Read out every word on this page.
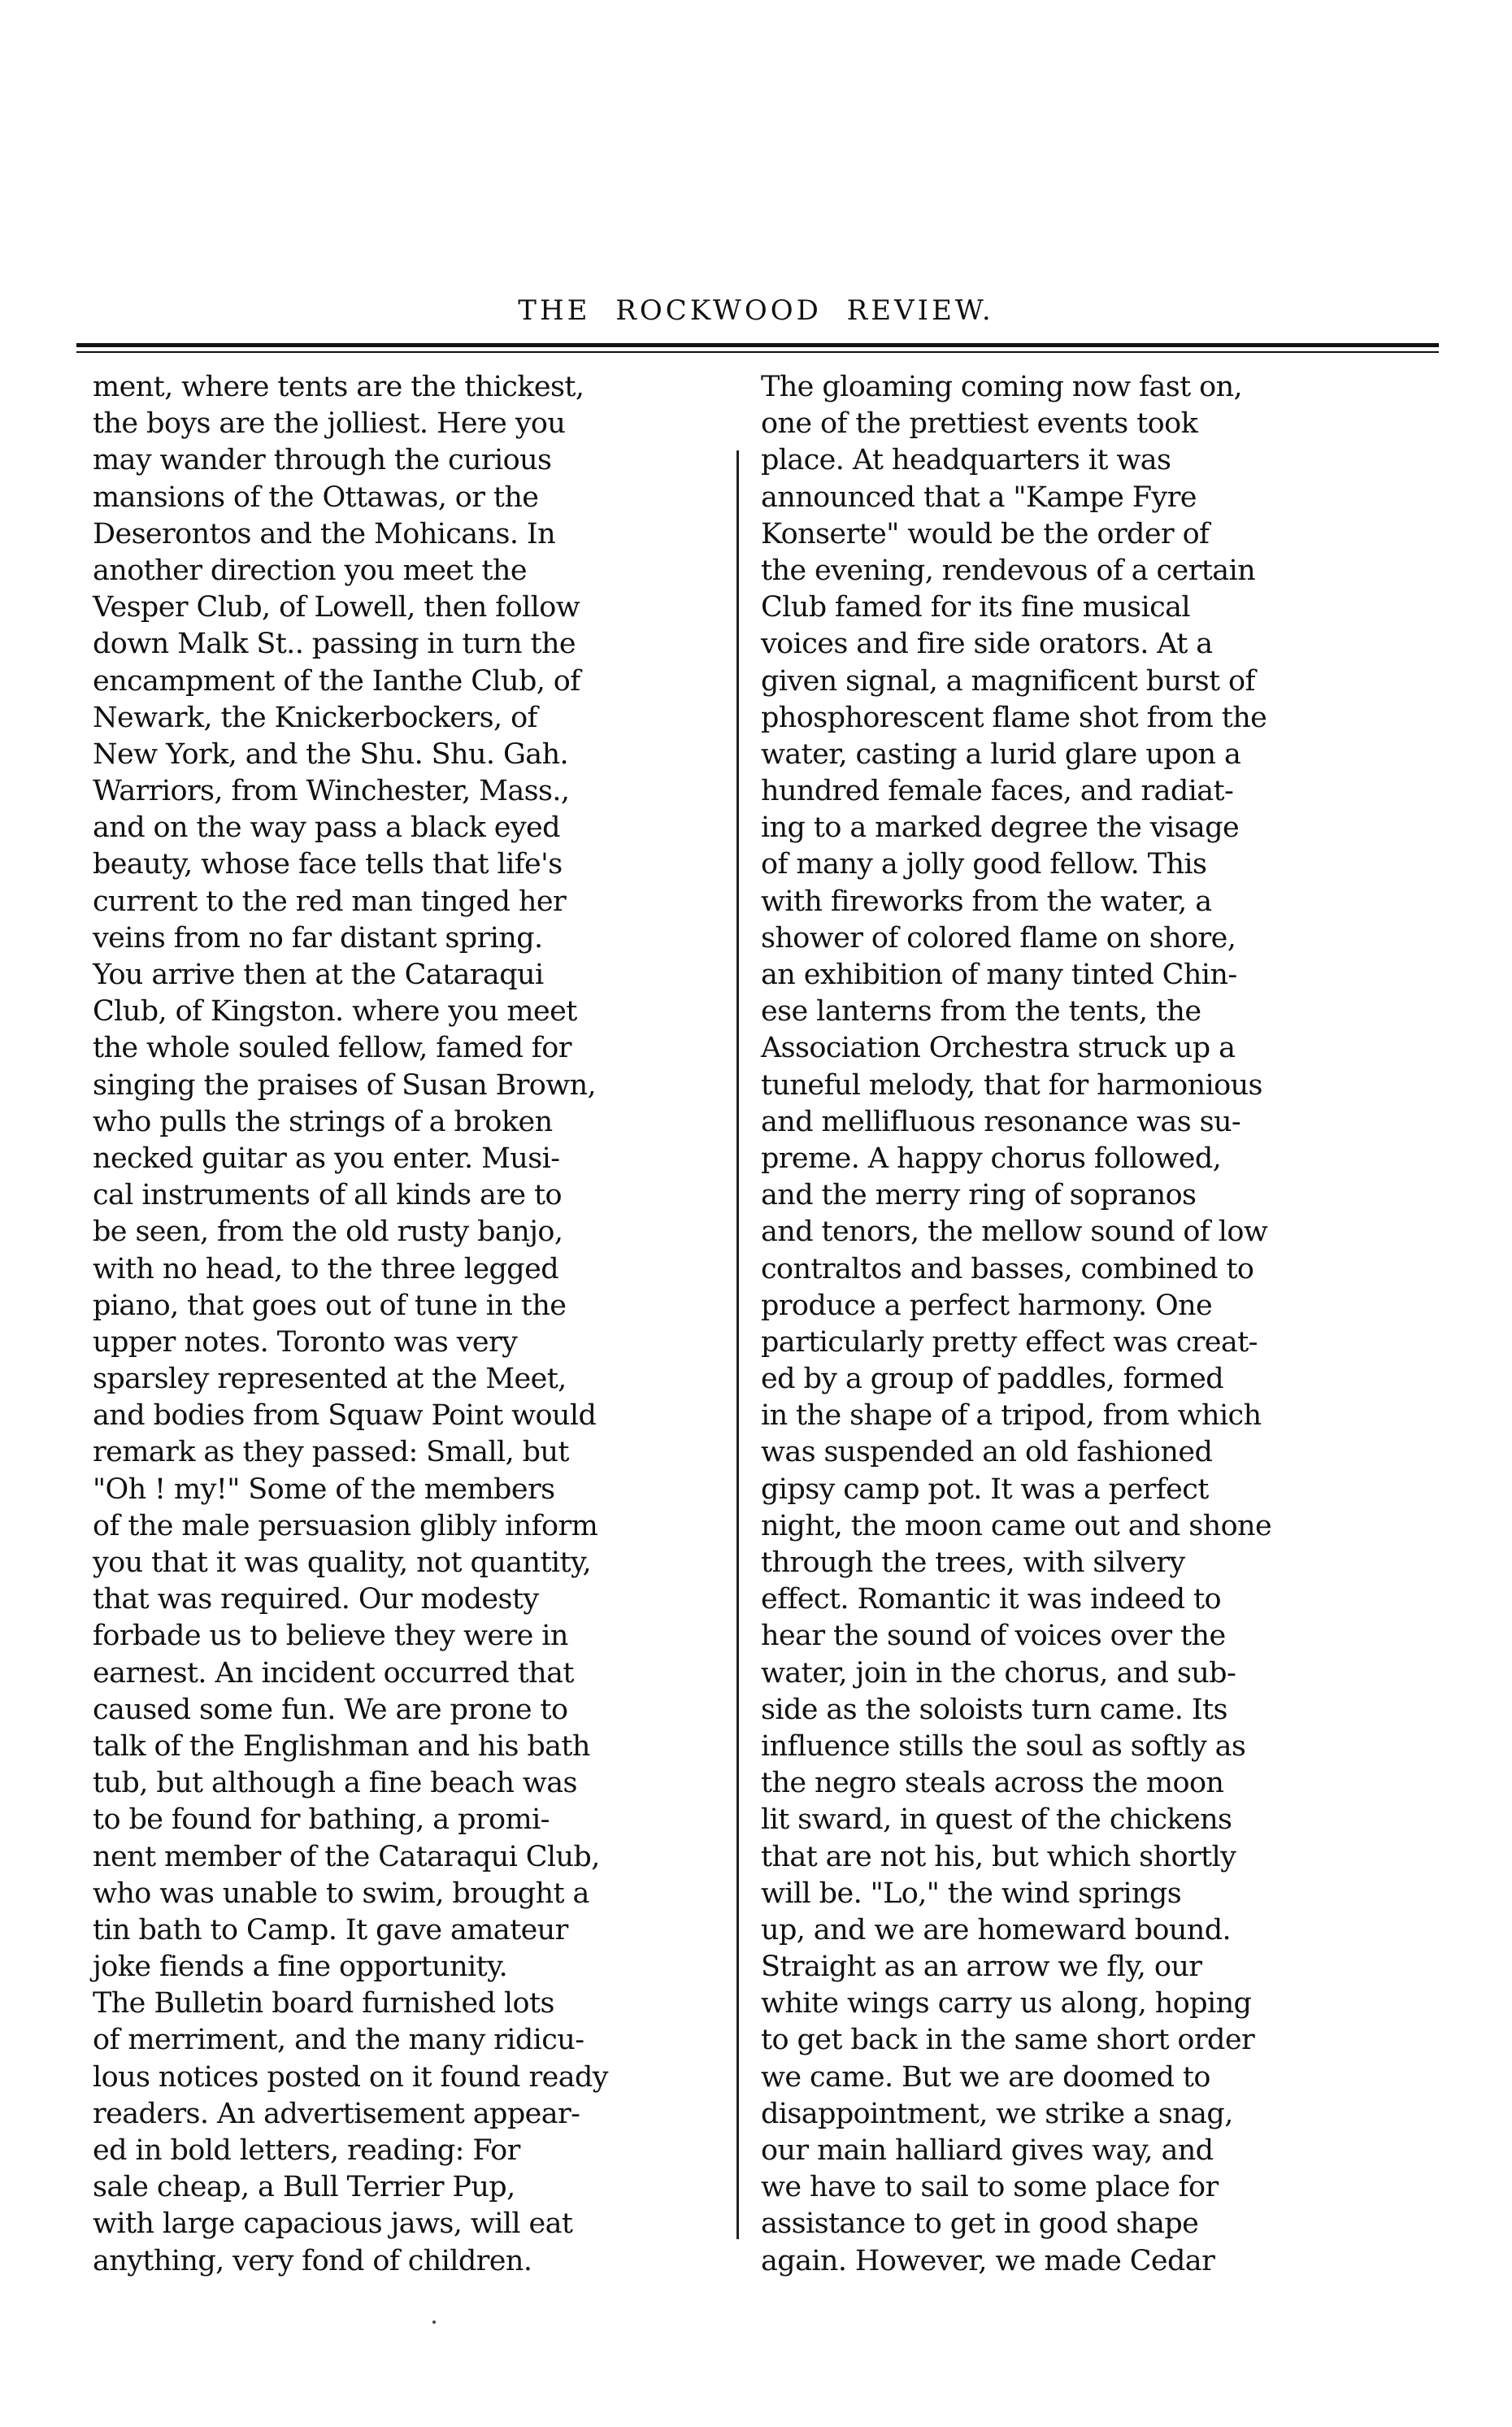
THE ROCKWOOD REVIEW.
ment, where tents are the thickest,
the boys are the jolliest. Here you
may wander through the curious
mansions of the Ottawas, or the
Deserontos and the Mohicans. In
another direction you meet the
Vesper Club, of Lowell, then follow
down Malk St.. passing in turn the
encampment of the Ianthe Club, of
Newark, the Knickerbockers, of
New York, and the Shu. Shu. Gah.
Warriors, from Winchester, Mass.,
and on the way pass a black eyed
beauty, whose face tells that life's
current to the red man tinged her
veins from no far distant spring.
You arrive then at the Cataraqui
Club, of Kingston. where you meet
the whole souled fellow, famed for
singing the praises of Susan Brown,
who pulls the strings of a broken
necked guitar as you enter. Musi-
cal instruments of all kinds are to
be seen, from the old rusty banjo,
with no head, to the three legged
piano, that goes out of tune in the
upper notes. Toronto was very
sparsley represented at the Meet,
and bodies from Squaw Point would
remark as they passed: Small, but
"Oh ! my!" Some of the members
of the male persuasion glibly inform
you that it was quality, not quantity,
that was required. Our modesty
forbade us to believe they were in
earnest. An incident occurred that
caused some fun. We are prone to
talk of the Englishman and his bath
tub, but although a fine beach was
to be found for bathing, a promi-
nent member of the Cataraqui Club,
who was unable to swim, brought a
tin bath to Camp. It gave amateur
joke fiends a fine opportunity.
The Bulletin board furnished lots
of merriment, and the many ridicu-
lous notices posted on it found ready
readers. An advertisement appear-
ed in bold letters, reading: For
sale cheap, a Bull Terrier Pup,
with large capacious jaws, will eat
anything, very fond of children.
The gloaming coming now fast on,
one of the prettiest events took
place. At headquarters it was
announced that a "Kampe Fyre
Konserte" would be the order of
the evening, rendevous of a certain
Club famed for its fine musical
voices and fire side orators. At a
given signal, a magnificent burst of
phosphorescent flame shot from the
water, casting a lurid glare upon a
hundred female faces, and radiat-
ing to a marked degree the visage
of many a jolly good fellow. This
with fireworks from the water, a
shower of colored flame on shore,
an exhibition of many tinted Chin-
ese lanterns from the tents, the
Association Orchestra struck up a
tuneful melody, that for harmonious
and mellifluous resonance was su-
preme. A happy chorus followed,
and the merry ring of sopranos
and tenors, the mellow sound of low
contraltos and basses, combined to
produce a perfect harmony. One
particularly pretty effect was creat-
ed by a group of paddles, formed
in the shape of a tripod, from which
was suspended an old fashioned
gipsy camp pot. It was a perfect
night, the moon came out and shone
through the trees, with silvery
effect. Romantic it was indeed to
hear the sound of voices over the
water, join in the chorus, and sub-
side as the soloists turn came. Its
influence stills the soul as softly as
the negro steals across the moon
lit sward, in quest of the chickens
that are not his, but which shortly
will be. "Lo," the wind springs
up, and we are homeward bound.
Straight as an arrow we fly, our
white wings carry us along, hoping
to get back in the same short order
we came. But we are doomed to
disappointment, we strike a snag,
our main halliard gives way, and
we have to sail to some place for
assistance to get in good shape
again. However, we made Cedar
